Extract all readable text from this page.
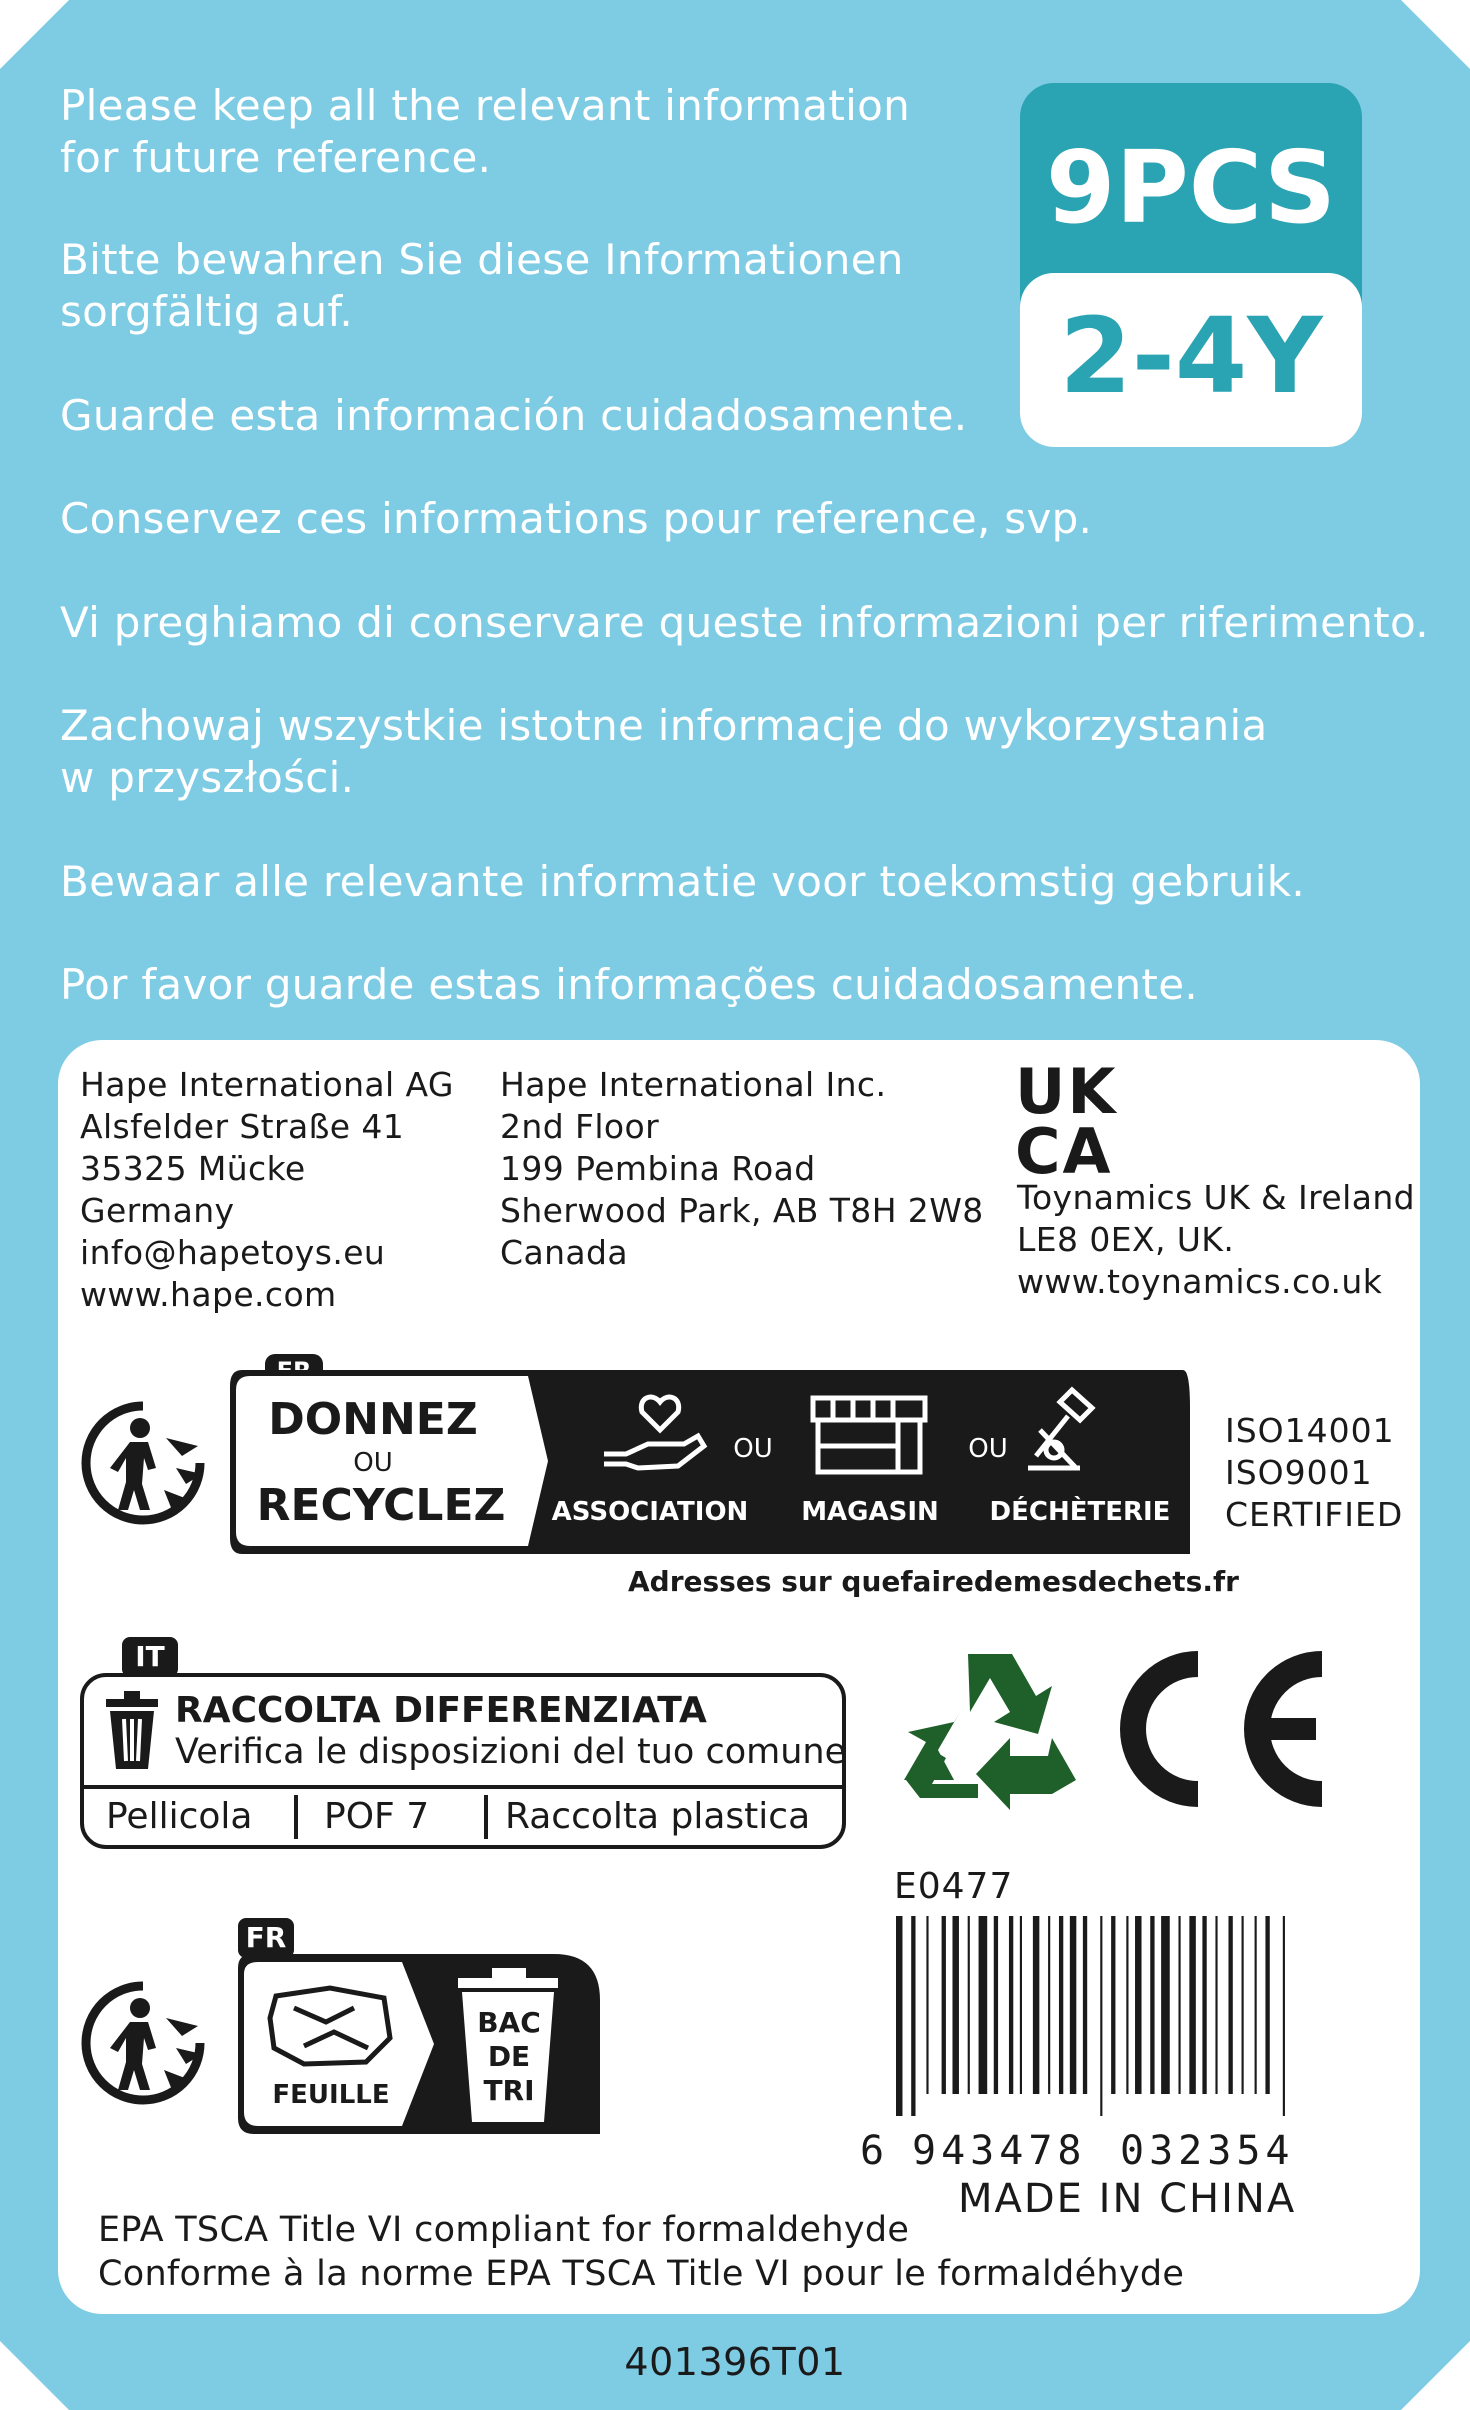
Please keep all the relevant information
for future reference.
Bitte bewahren Sie diese Informationen
sorgfältig auf.
Guarde esta información cuidadosamente.
Conservez ces informations pour reference, svp.
Vi preghiamo di conservare queste informazioni per riferimento.
Zachowaj wszystkie istotne informacje do wykorzystania
w przyszłości.
Bewaar alle relevante informatie voor toekomstig gebruik.
Por favor guarde estas informações cuidadosamente.
9PCS
2-4Y
Hape International AG
Alsfelder Straße 41
35325 Mücke
Germany
info@hapetoys.eu
www.hape.com
Hape International Inc.
2nd Floor
199 Pembina Road
Sherwood Park, AB T8H 2W8
Canada
UK
CA
Toynamics UK & Ireland
LE8 0EX, UK.
www.toynamics.co.uk
DONNEZ
OU
RECYCLEZ	ASSOCIATION
OU
MAGASIN
OU
DÉCHÈTERIE
Adresses sur quefairedemesdechets.fr
ISO14001
ISO9001
CERTIFIED
IT
RACCOLTA DIFFERENZIATA
Verifica le disposizioni del tuo comune
Pellicola POF 7 Raccolta plastica
E0477
6 943478 032354
MADE IN CHINA
FR
FEUILLE
BAC
DE
TRI
EPA TSCA Title VI compliant for formaldehyde
Conforme à la norme EPA TSCA Title VI pour le formaldéhyde
401396T01
